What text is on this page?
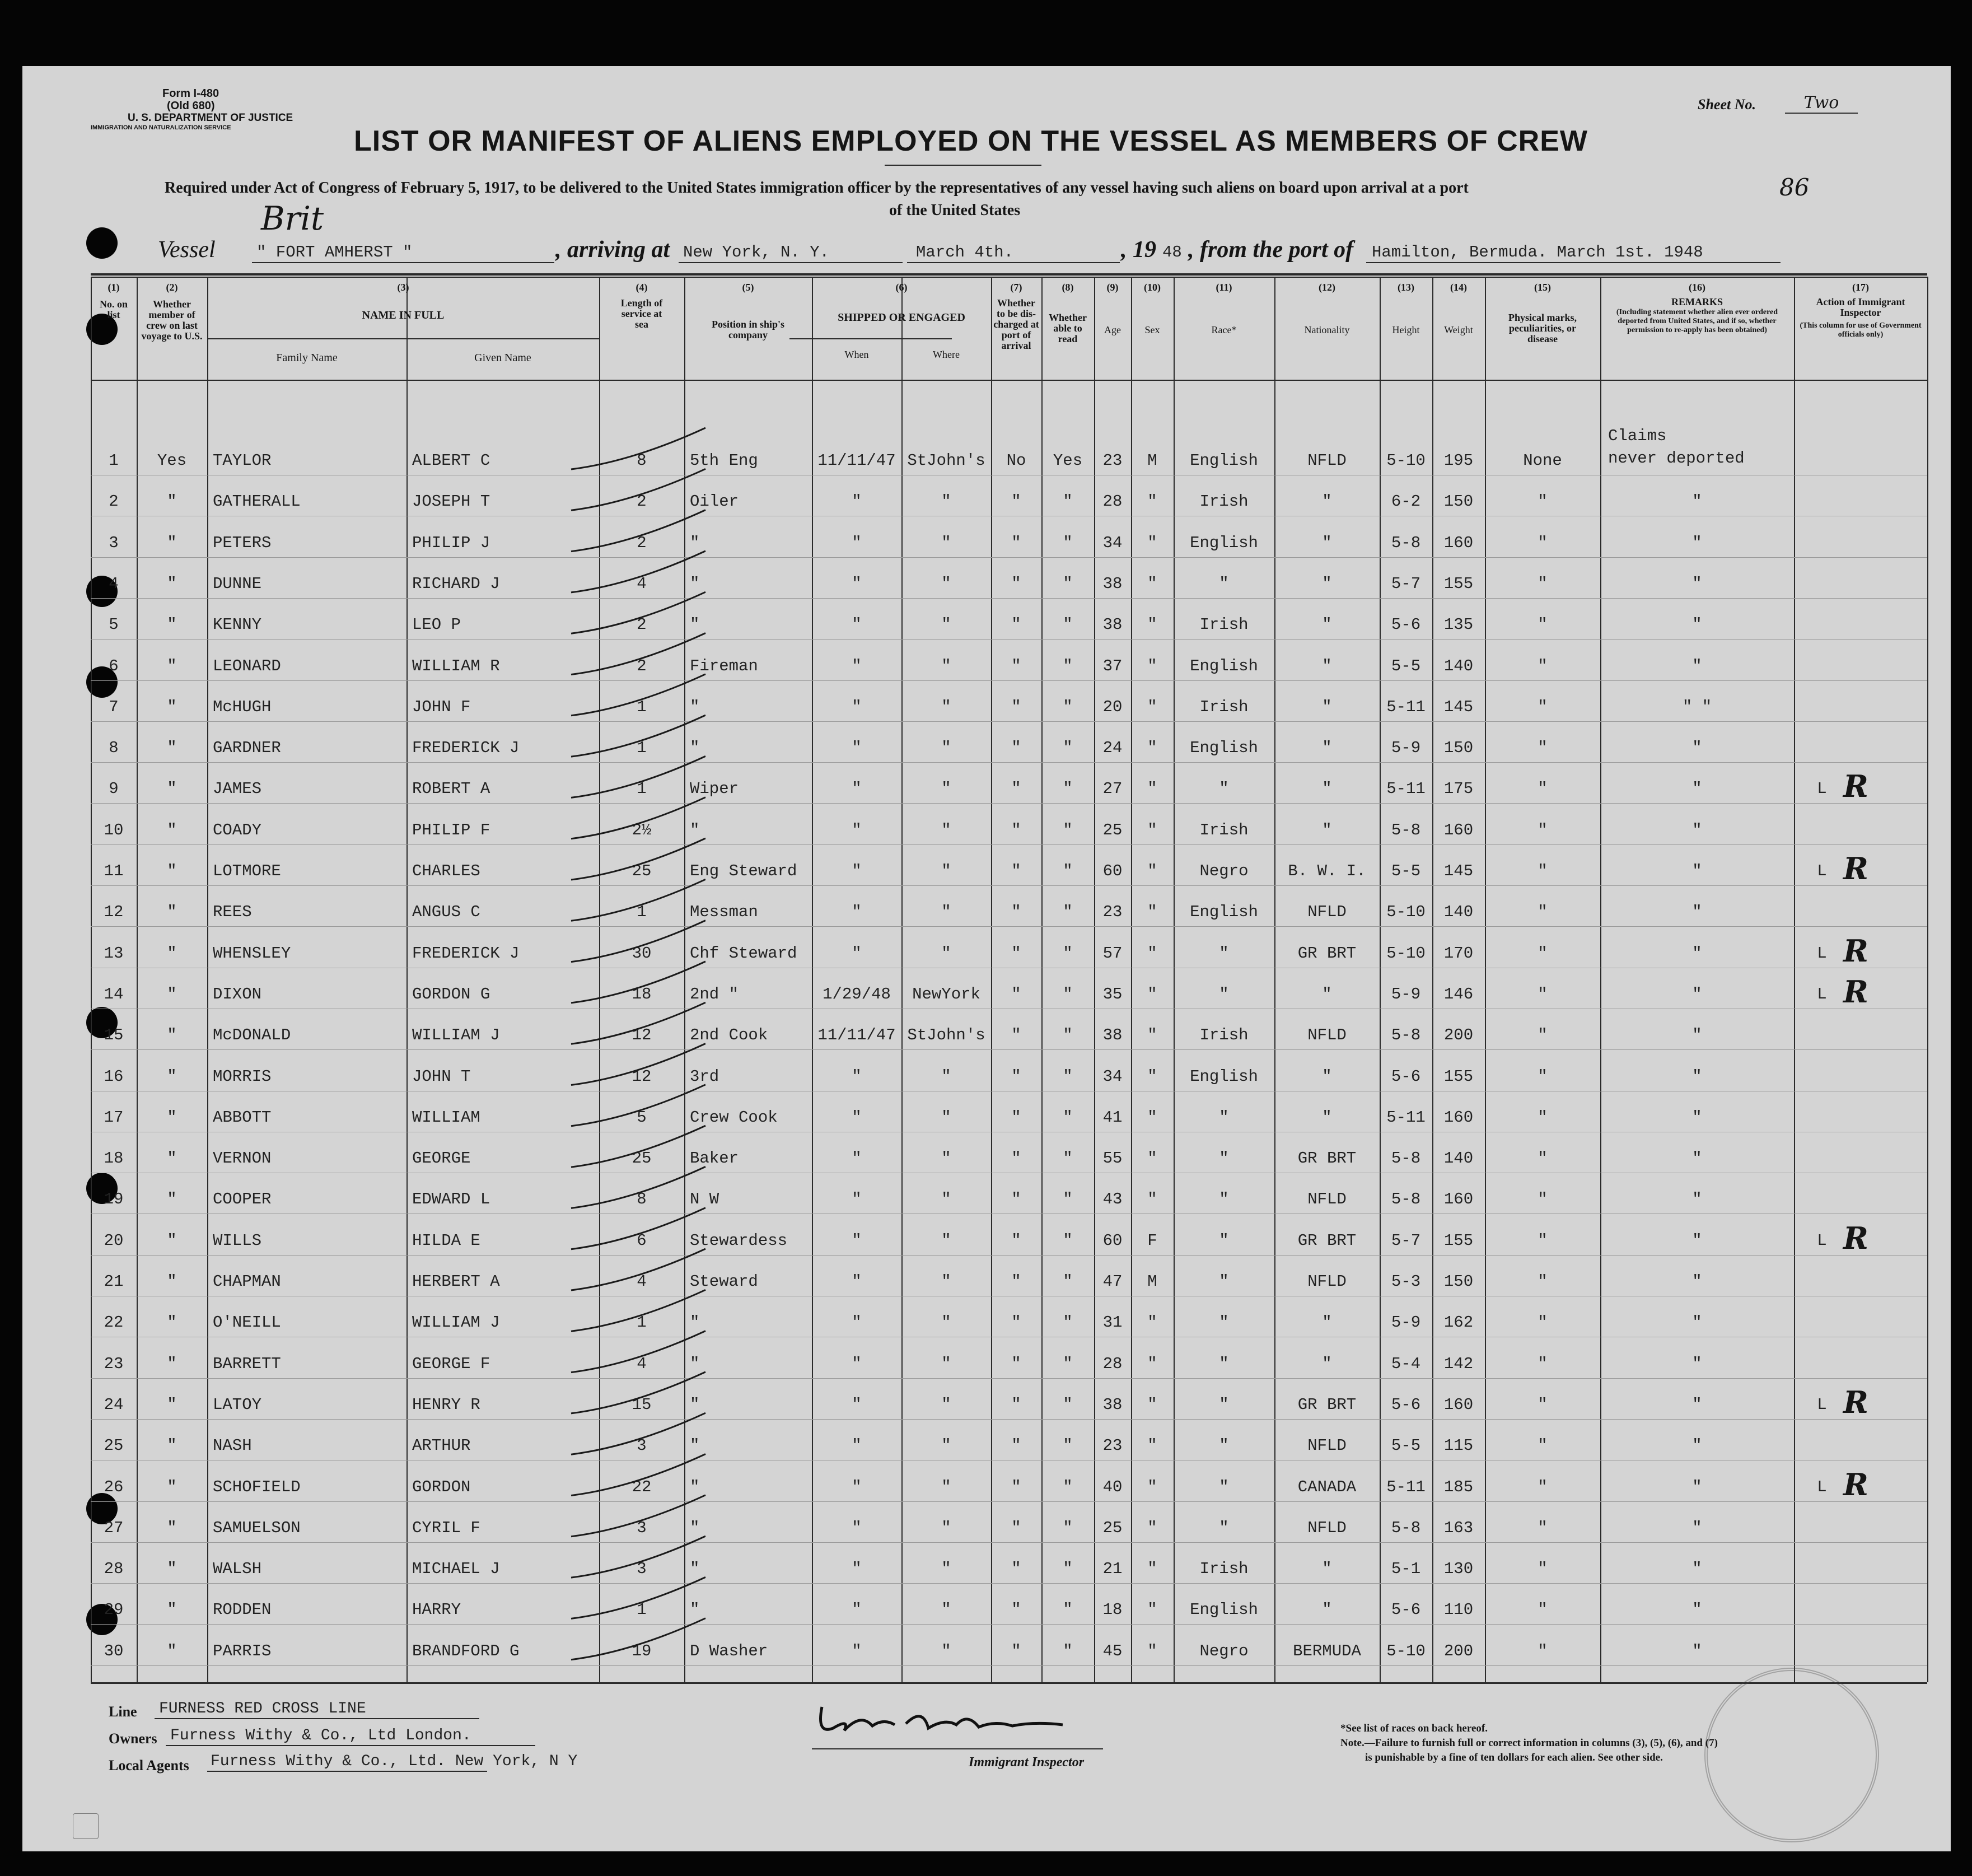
Form I-480
(Old 680)
U. S. DEPARTMENT OF JUSTICE
IMMIGRATION AND NATURALIZATION SERVICE
Sheet No.	Two
LIST OR MANIFEST OF ALIENS EMPLOYED ON THE VESSEL AS MEMBERS OF CREW
Required under Act of Congress of February 5, 1917, to be delivered to the United States immigration officer by the representatives of any vessel having such aliens on board upon arrival at a port
of the United States
86
Vessel
Brit
" FORT AMHERST "	, arriving at New York, N. Y.	March 4th.	, 19 48 , from the port of Hamilton, Bermuda. March 1st. 1948
(1)
No. on list
(2)
Whether member of crew on last voyage to U.S.
(3)
NAME IN FULL
Family Name	Given Name
(4)
Length of service at sea
(5)
Position in ship's company
(6)
SHIPPED OR ENGAGED
When	Where
(7)
Whether to be dis-charged at port of arrival
(8)
Whether able to read
(9)
Age
(10)
Sex
(11)
Race*
(12)
Nationality
(13)
Height
(14)
Weight
(15)
Physical marks, peculiarities, or disease
(16)
REMARKS
(Including statement whether alien ever ordered deported from United States, and if so, whether permission to re-apply has been obtained)
(17)
Action of Immigrant Inspector
(This column for use of Government officials only)
1	Yes	TAYLOR	ALBERT C	8	5th Eng	11/11/47 StJohn's	No	Yes	23	M	English	NFLD	5-10	195	None
Claims
never deported
2	"	GATHERALL	JOSEPH T	2	Oiler	"	"	"	"	28	"	Irish	"	6-2	150	"	"
3	"	PETERS	PHILIP J	2	"	"	"	"	"	34	"	English	"	5-8	160	"	"
4	"	DUNNE	RICHARD J	4	"	"	"	"	"	38	"	"	"	5-7	155	"	"
5	"	KENNY	LEO P	2	"	"	"	"	"	38	"	Irish	"	5-6	135	"	"
6	"	LEONARD	WILLIAM R	2	Fireman	"	"	"	"	37	"	English	"	5-5	140	"	"
7	"	McHUGH	JOHN F	1	"	"	"	"	"	20	"	Irish	"	5-11	145	"	" "
8	"	GARDNER	FREDERICK J	1	"	"	"	"	"	24	"	English	"	5-9	150	"	"
9	"	JAMES	ROBERT A	1	Wiper	"	"	"	"	27	"	"	"	5-11	175	"	"	L R
10	"	COADY	PHILIP F	2½	"	"	"	"	"	25	"	Irish	"	5-8	160	"	"
11	"	LOTMORE	CHARLES	25	Eng Steward	"	"	"	"	60	"	Negro	B. W. I.	5-5	145	"	"	L R
12	"	REES	ANGUS C	1	Messman	"	"	"	"	23	"	English	NFLD	5-10	140	"	"
13	"	WHENSLEY	FREDERICK J	30	Chf Steward	"	"	"	"	57	"	"	GR BRT	5-10	170	"	"	L R
14	"	DIXON	GORDON G	18	2nd "	1/29/48	NewYork	"	"	35	"	"	"	5-9	146	"	"	L R
15	"	McDONALD	WILLIAM J	12	2nd Cook	11/11/47 StJohn's	"	"	38	"	Irish	NFLD	5-8	200	"	"
16	"	MORRIS	JOHN T	12	3rd	"	"	"	"	34	"	English	"	5-6	155	"	"
17	"	ABBOTT	WILLIAM	5	Crew Cook	"	"	"	"	41	"	"	"	5-11	160	"	"
18	"	VERNON	GEORGE	25	Baker	"	"	"	"	55	"	"	GR BRT	5-8	140	"	"
19	"	COOPER	EDWARD L	8	N W	"	"	"	"	43	"	"	NFLD	5-8	160	"	"
20	"	WILLS	HILDA E	6	Stewardess	"	"	"	"	60	F	"	GR BRT	5-7	155	"	"	L R
21	"	CHAPMAN	HERBERT A	4	Steward	"	"	"	"	47	M	"	NFLD	5-3	150	"	"
22	"	O'NEILL	WILLIAM J	1	"	"	"	"	"	31	"	"	"	5-9	162	"	"
23	"	BARRETT	GEORGE F	4	"	"	"	"	"	28	"	"	"	5-4	142	"	"
24	"	LATOY	HENRY R	15	"	"	"	"	"	38	"	"	GR BRT	5-6	160	"	"	L R
25	"	NASH	ARTHUR	3	"	"	"	"	"	23	"	"	NFLD	5-5	115	"	"
26	"	SCHOFIELD	GORDON	22	"	"	"	"	"	40	"	"	CANADA	5-11	185	"	"	L R
27	"	SAMUELSON	CYRIL F	3	"	"	"	"	"	25	"	"	NFLD	5-8	163	"	"
28	"	WALSH	MICHAEL J	3	"	"	"	"	"	21	"	Irish	"	5-1	130	"	"
29	"	RODDEN	HARRY	1	"	"	"	"	"	18	"	English	"	5-6	110	"	"
30	"	PARRIS	BRANDFORD G	19	D Washer	"	"	"	"	45	"	Negro	BERMUDA	5-10	200	"	"
Line FURNESS RED CROSS LINE
Owners Furness Withy & Co., Ltd London.
Local Agents Furness Withy & Co., Ltd. New York, N Y	Immigrant Inspector
*See list of races on back hereof.
Note.—Failure to furnish full or correct information in columns (3), (5), (6), and (7)
is punishable by a fine of ten dollars for each alien. See other side.
